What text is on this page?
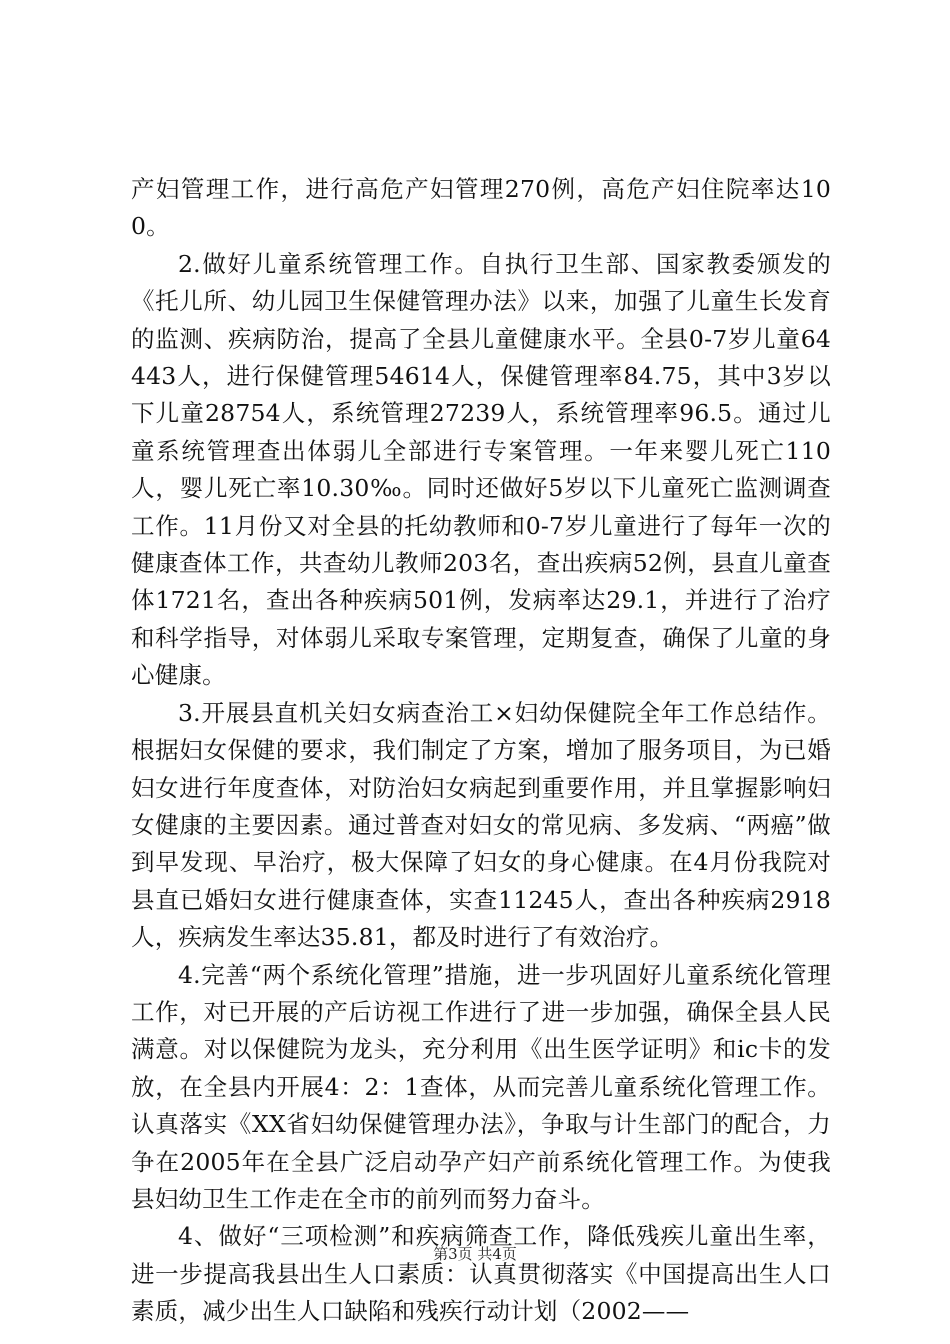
产妇管理工作，进行高危产妇管理270例，高危产妇住院率达100。

2.做好儿童系统管理工作。自执行卫生部、国家教委颁发的《托儿所、幼儿园卫生保健管理办法》以来，加强了儿童生长发育的监测、疾病防治，提高了全县儿童健康水平。全县0-7岁儿童64443人，进行保健管理54614人，保健管理率84.75，其中3岁以下儿童28754人，系统管理27239人，系统管理率96.5。通过儿童系统管理查出体弱儿全部进行专案管理。一年来婴儿死亡110人，婴儿死亡率10.30‰。同时还做好5岁以下儿童死亡监测调查工作。11月份又对全县的托幼教师和0-7岁儿童进行了每年一次的健康查体工作，共查幼儿教师203名，查出疾病52例，县直儿童查体1721名，查出各种疾病501例，发病率达29.1，并进行了治疗和科学指导，对体弱儿采取专案管理，定期复查，确保了儿童的身心健康。

3.开展县直机关妇女病查治工×妇幼保健院全年工作总结作。根据妇女保健的要求，我们制定了方案，增加了服务项目，为已婚妇女进行年度查体，对防治妇女病起到重要作用，并且掌握影响妇女健康的主要因素。通过普查对妇女的常见病、多发病、“两癌”做到早发现、早治疗，极大保障了妇女的身心健康。在4月份我院对县直已婚妇女进行健康查体，实查11245人，查出各种疾病2918人，疾病发生率达35.81，都及时进行了有效治疗。

4.完善“两个系统化管理”措施，进一步巩固好儿童系统化管理工作，对已开展的产后访视工作进行了进一步加强，确保全县人民满意。对以保健院为龙头，充分利用《出生医学证明》和ic卡的发放，在全县内开展4：2：1查体，从而完善儿童系统化管理工作。认真落实《XX省妇幼保健管理办法》，争取与计生部门的配合，力争在2005年在全县广泛启动孕产妇产前系统化管理工作。为使我县妇幼卫生工作走在全市的前列而努力奋斗。

4、做好“三项检测”和疾病筛查工作，降低残疾儿童出生率，进一步提高我县出生人口素质：认真贯彻落实《中国提高出生人口素质，减少出生人口缺陷和残疾行动计划（2002——

第3页 共4页
